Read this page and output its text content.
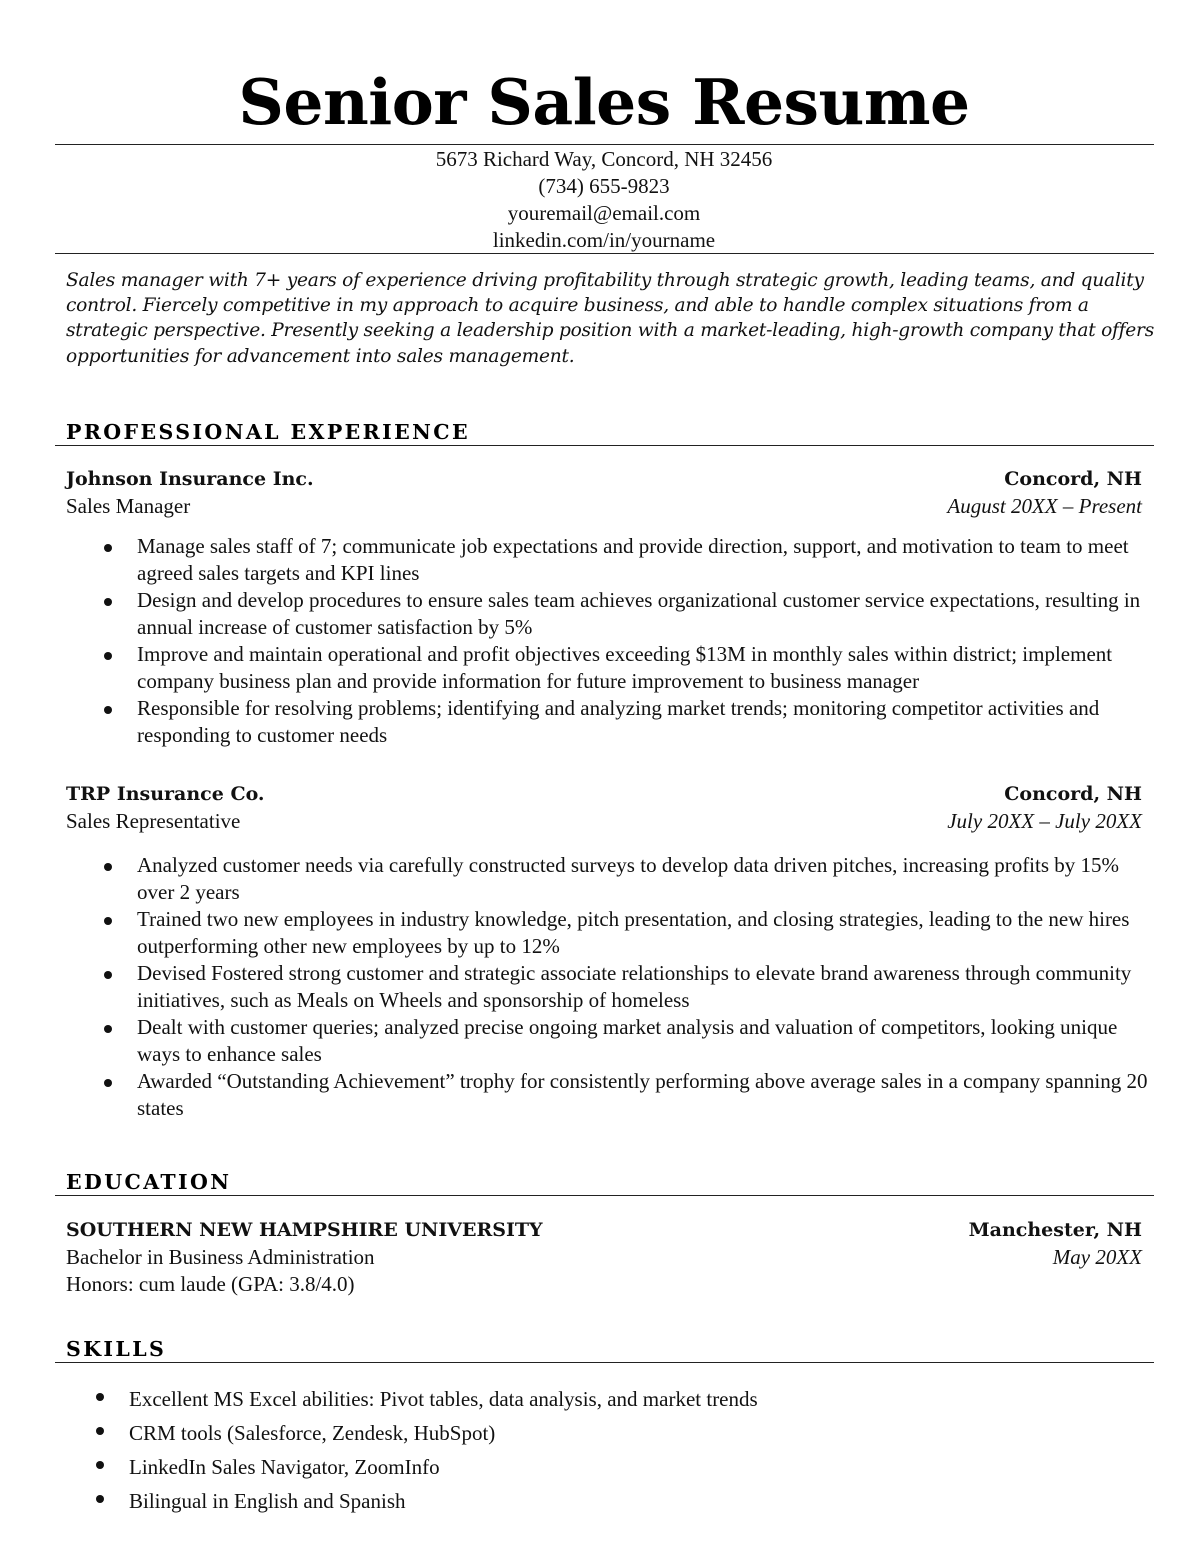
Senior Sales Resume
5673 Richard Way, Concord, NH 32456
(734) 655-9823
youremail@email.com
linkedin.com/in/yourname
Sales manager with 7+ years of experience driving profitability through strategic growth, leading teams, and quality control. Fiercely competitive in my approach to acquire business, and able to handle complex situations from a strategic perspective. Presently seeking a leadership position with a market-leading, high-growth company that offers opportunities for advancement into sales management.
PROFESSIONAL EXPERIENCE
Johnson Insurance Inc.	Concord, NH
Sales Manager	August 20XX – Present
Manage sales staff of 7; communicate job expectations and provide direction, support, and motivation to team to meet agreed sales targets and KPI lines
Design and develop procedures to ensure sales team achieves organizational customer service expectations, resulting in annual increase of customer satisfaction by 5%
Improve and maintain operational and profit objectives exceeding $13M in monthly sales within district; implement company business plan and provide information for future improvement to business manager
Responsible for resolving problems; identifying and analyzing market trends; monitoring competitor activities and responding to customer needs
TRP Insurance Co.	Concord, NH
Sales Representative	July 20XX – July 20XX
Analyzed customer needs via carefully constructed surveys to develop data driven pitches, increasing profits by 15% over 2 years
Trained two new employees in industry knowledge, pitch presentation, and closing strategies, leading to the new hires outperforming other new employees by up to 12%
Devised Fostered strong customer and strategic associate relationships to elevate brand awareness through community initiatives, such as Meals on Wheels and sponsorship of homeless
Dealt with customer queries; analyzed precise ongoing market analysis and valuation of competitors, looking unique ways to enhance sales
Awarded “Outstanding Achievement” trophy for consistently performing above average sales in a company spanning 20 states
EDUCATION
SOUTHERN NEW HAMPSHIRE UNIVERSITY	Manchester, NH
Bachelor in Business Administration	May 20XX
Honors: cum laude (GPA: 3.8/4.0)
SKILLS
Excellent MS Excel abilities: Pivot tables, data analysis, and market trends
CRM tools (Salesforce, Zendesk, HubSpot)
LinkedIn Sales Navigator, ZoomInfo
Bilingual in English and Spanish
